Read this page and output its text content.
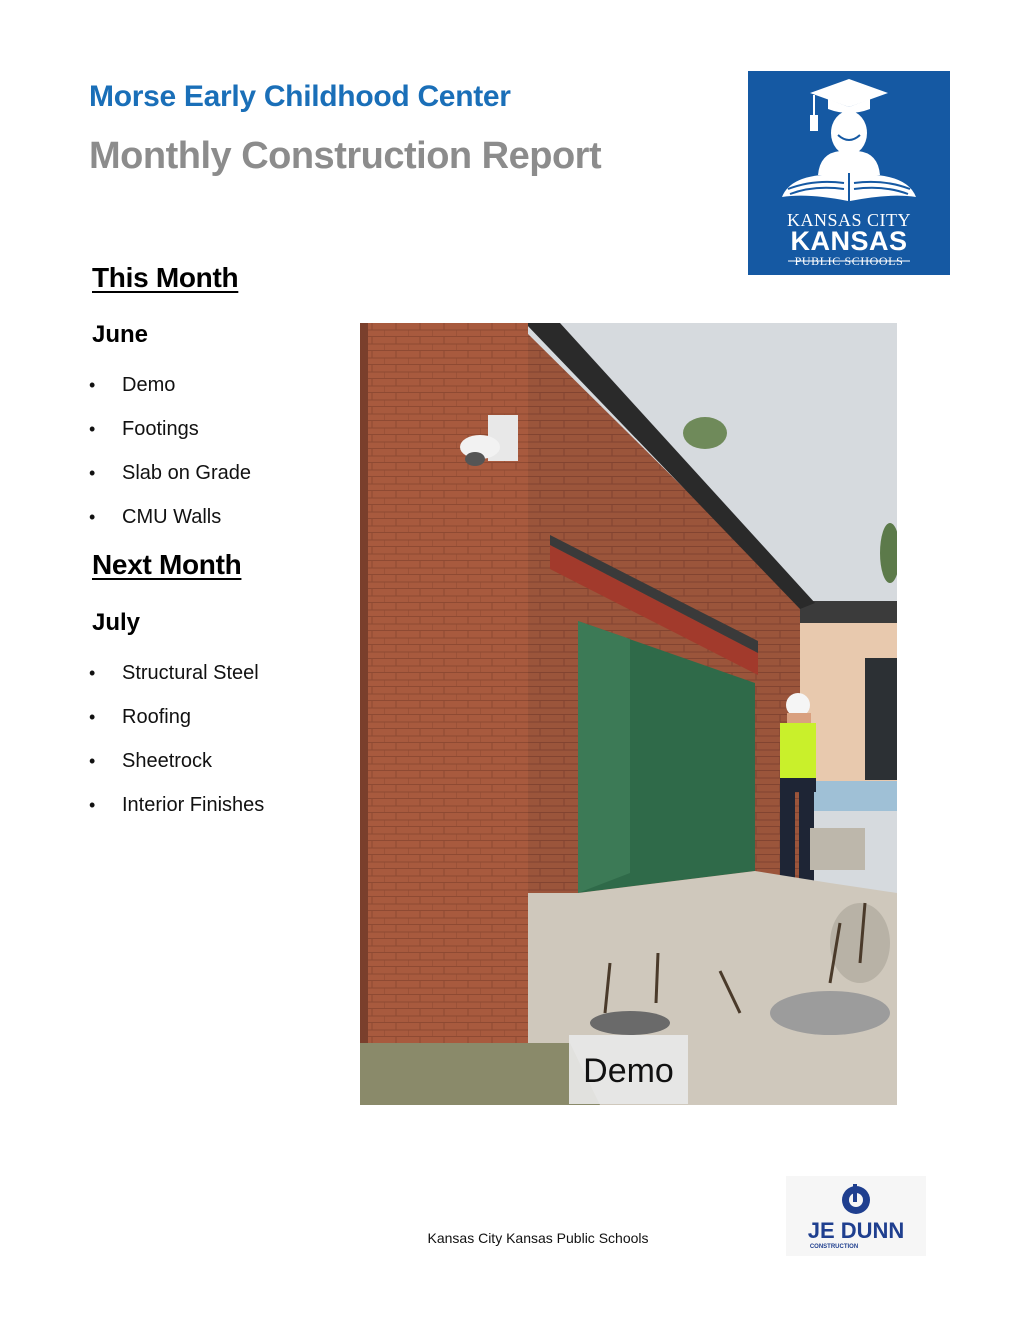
Morse Early Childhood Center
Monthly Construction Report
KANSAS CITY
KANSAS
PUBLIC SCHOOLS
This Month
June
• Demo
• Footings
• Slab on Grade
• CMU Walls
Next Month
July
• Structural Steel
• Roofing
• Sheetrock
• Interior Finishes
Demo
Kansas City Kansas Public Schools	JE DUNN
CONSTRUCTION
